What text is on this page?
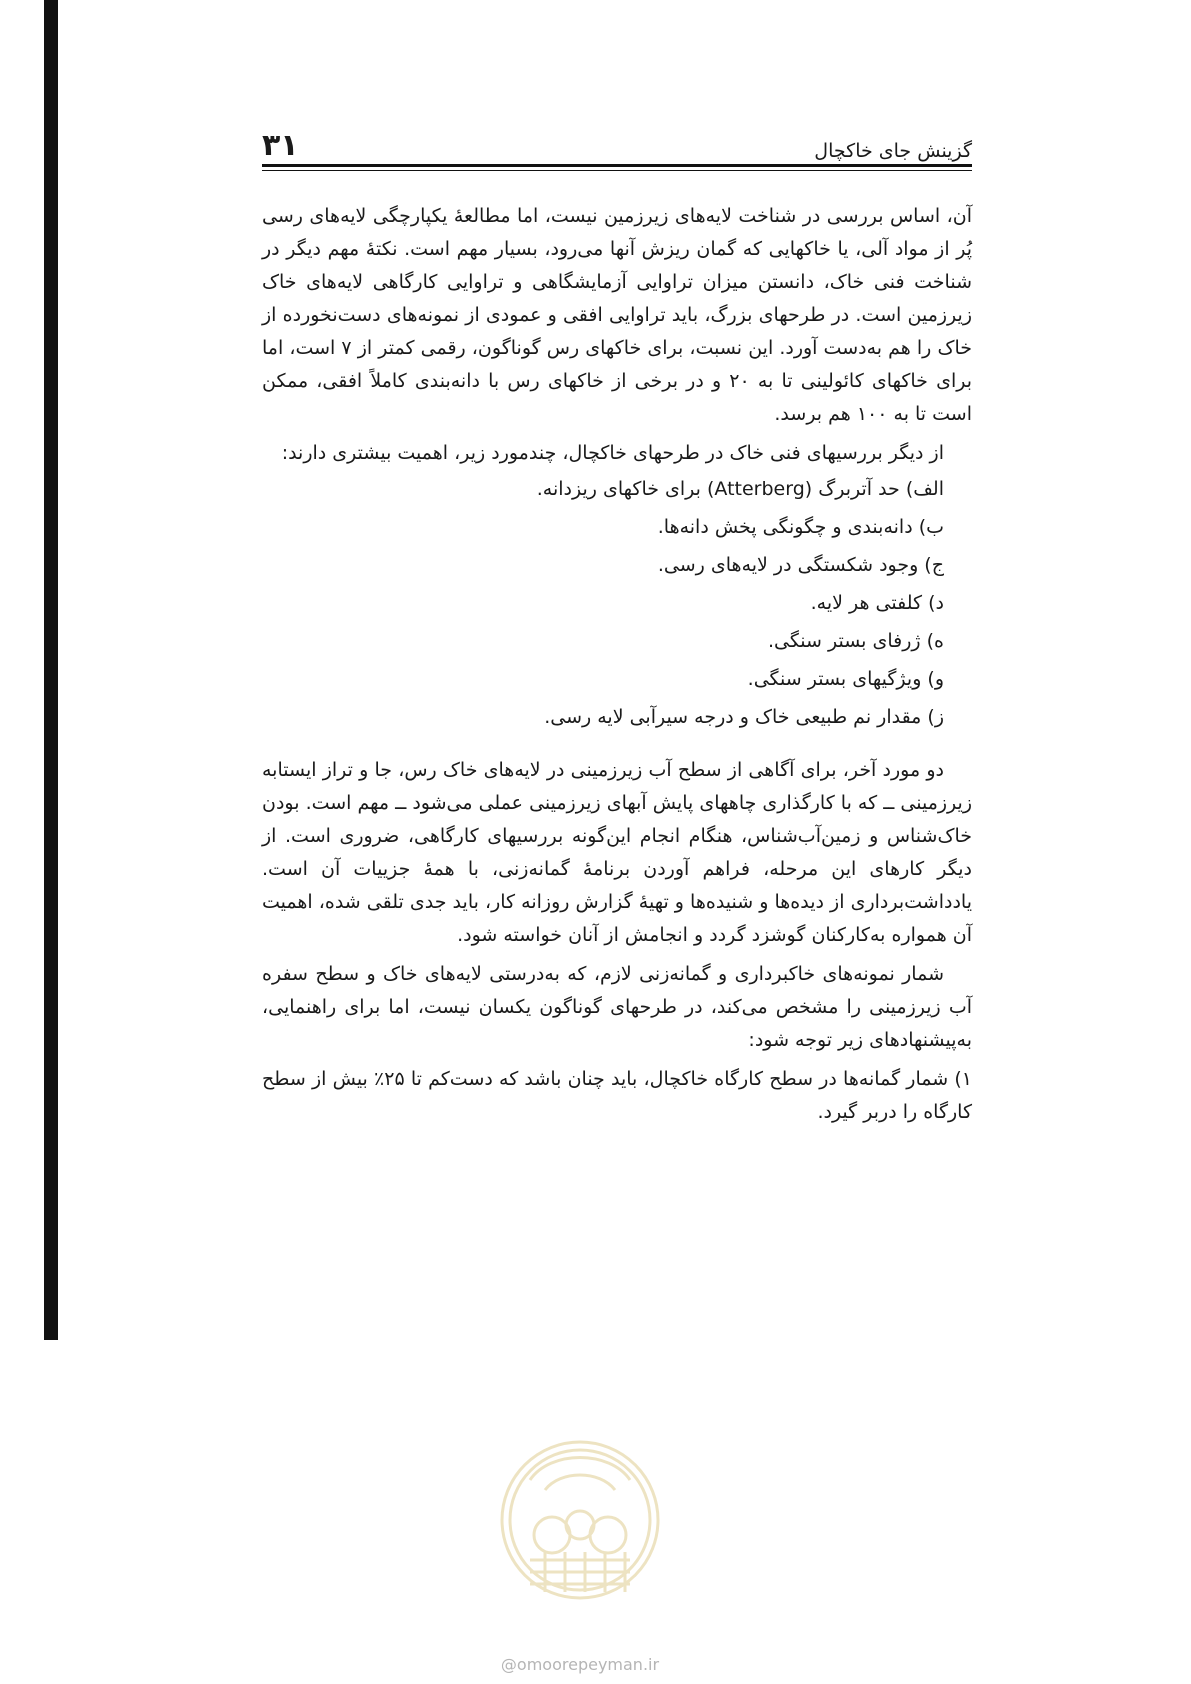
۳۱	گزینش جای خاکچال

آن، اساس بررسی در شناخت لایه‌های زیرزمین نیست، اما مطالعهٔ یکپارچگی لایه‌های رسی پُر از مواد آلی، یا خاکهایی که گمان ریزش آنها می‌رود، بسیار مهم است. نکتهٔ مهم دیگر در شناخت فنی خاک، دانستن میزان تراوایی آزمایشگاهی و تراوایی کارگاهی لایه‌های خاک زیرزمین است. در طرحهای بزرگ، باید تراوایی افقی و عمودی از نمونه‌های دست‌نخورده از خاک را هم به‌دست آورد. این نسبت، برای خاکهای رس گوناگون، رقمی کمتر از ۷ است، اما برای خاکهای کائولینی تا به ۲۰ و در برخی از خاکهای رس با دانه‌بندی کاملاً افقی، ممکن است تا به ۱۰۰ هم برسد.

از دیگر بررسیهای فنی خاک در طرحهای خاکچال، چندمورد زیر، اهمیت بیشتری دارند:

الف) حد آتربرگ (Atterberg) برای خاکهای ریزدانه.
ب) دانه‌بندی و چگونگی پخش دانه‌ها.
ج) وجود شکستگی در لایه‌های رسی.
د) کلفتی هر لایه.
ه) ژرفای بستر سنگی.
و) ویژگیهای بستر سنگی.
ز) مقدار نم طبیعی خاک و درجه سیرآبی لایه رسی.

دو مورد آخر، برای آگاهی از سطح آب زیرزمینی در لایه‌های خاک رس، جا و تراز ایستابه زیرزمینی ــ که با کارگذاری چاههای پایش آبهای زیرزمینی عملی می‌شود ــ مهم است. بودن خاک‌شناس و زمین‌آب‌شناس، هنگام انجام این‌گونه بررسیهای کارگاهی، ضروری است. از دیگر کارهای این مرحله، فراهم آوردن برنامهٔ گمانه‌زنی، با همهٔ جزییات آن است. یادداشت‌برداری از دیده‌ها و شنیده‌ها و تهیهٔ گزارش روزانه کار، باید جدی تلقی شده، اهمیت آن همواره به‌کارکنان گوشزد گردد و انجامش از آنان خواسته شود.

شمار نمونه‌های خاکبرداری و گمانه‌زنی لازم، که به‌درستی لایه‌های خاک و سطح سفره آب زیرزمینی را مشخص می‌کند، در طرحهای گوناگون یکسان نیست، اما برای راهنمایی، به‌پیشنهادهای زیر توجه شود:

۱) شمار گمانه‌ها در سطح کارگاه خاکچال، باید چنان باشد که دست‌کم تا ۲۵٪ بیش از سطح کارگاه را دربر گیرد.

@omoorepeyman.ir
